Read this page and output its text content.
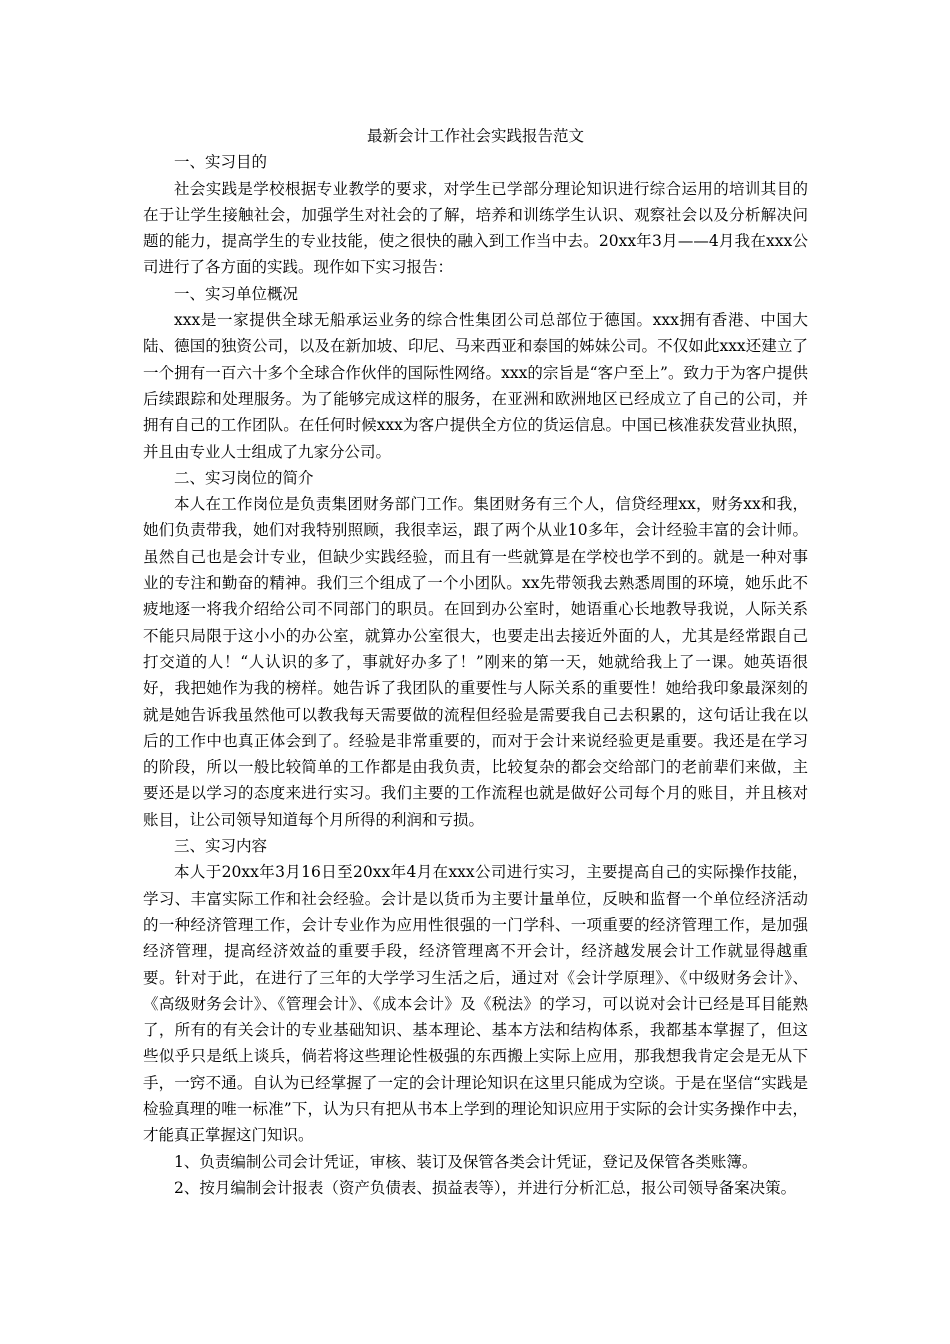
最新会计工作社会实践报告范文

一、实习目的

社会实践是学校根据专业教学的要求，对学生已学部分理论知识进行综合运用的培训其目的在于让学生接触社会，加强学生对社会的了解，培养和训练学生认识、观察社会以及分析解决问题的能力，提高学生的专业技能，使之很快的融入到工作当中去。20xx年3月——4月我在xxx公司进行了各方面的实践。现作如下实习报告：

一、实习单位概况

xxx是一家提供全球无船承运业务的综合性集团公司总部位于德国。xxx拥有香港、中国大陆、德国的独资公司，以及在新加坡、印尼、马来西亚和泰国的姊妹公司。不仅如此xxx还建立了一个拥有一百六十多个全球合作伙伴的国际性网络。xxx的宗旨是“客户至上”。致力于为客户提供后续跟踪和处理服务。为了能够完成这样的服务，在亚洲和欧洲地区已经成立了自己的公司，并拥有自己的工作团队。在任何时候xxx为客户提供全方位的货运信息。中国已核准获发营业执照，并且由专业人士组成了九家分公司。

二、实习岗位的简介

本人在工作岗位是负责集团财务部门工作。集团财务有三个人，信贷经理xx，财务xx和我，她们负责带我，她们对我特别照顾，我很幸运，跟了两个从业10多年，会计经验丰富的会计师。虽然自己也是会计专业，但缺少实践经验，而且有一些就算是在学校也学不到的。就是一种对事业的专注和勤奋的精神。我们三个组成了一个小团队。xx先带领我去熟悉周围的环境，她乐此不疲地逐一将我介绍给公司不同部门的职员。在回到办公室时，她语重心长地教导我说，人际关系不能只局限于这小小的办公室，就算办公室很大，也要走出去接近外面的人，尤其是经常跟自己打交道的人！“人认识的多了，事就好办多了！”刚来的第一天，她就给我上了一课。她英语很好，我把她作为我的榜样。她告诉了我团队的重要性与人际关系的重要性！她给我印象最深刻的就是她告诉我虽然他可以教我每天需要做的流程但经验是需要我自己去积累的，这句话让我在以后的工作中也真正体会到了。经验是非常重要的，而对于会计来说经验更是重要。我还是在学习的阶段，所以一般比较简单的工作都是由我负责，比较复杂的都会交给部门的老前辈们来做，主要还是以学习的态度来进行实习。我们主要的工作流程也就是做好公司每个月的账目，并且核对账目，让公司领导知道每个月所得的利润和亏损。

三、实习内容

本人于20xx年3月16日至20xx年4月在xxx公司进行实习，主要提高自己的实际操作技能，学习、丰富实际工作和社会经验。会计是以货币为主要计量单位，反映和监督一个单位经济活动的一种经济管理工作，会计专业作为应用性很强的一门学科、一项重要的经济管理工作，是加强经济管理，提高经济效益的重要手段，经济管理离不开会计，经济越发展会计工作就显得越重要。针对于此，在进行了三年的大学学习生活之后，通过对《会计学原理》、《中级财务会计》、《高级财务会计》、《管理会计》、《成本会计》及《税法》的学习，可以说对会计已经是耳目能熟了，所有的有关会计的专业基础知识、基本理论、基本方法和结构体系，我都基本掌握了，但这些似乎只是纸上谈兵，倘若将这些理论性极强的东西搬上实际上应用，那我想我肯定会是无从下手，一窍不通。自认为已经掌握了一定的会计理论知识在这里只能成为空谈。于是在坚信“实践是检验真理的唯一标准”下，认为只有把从书本上学到的理论知识应用于实际的会计实务操作中去，才能真正掌握这门知识。

1、负责编制公司会计凭证，审核、装订及保管各类会计凭证，登记及保管各类账簿。

2、按月编制会计报表（资产负债表、损益表等），并进行分析汇总，报公司领导备案决策。
